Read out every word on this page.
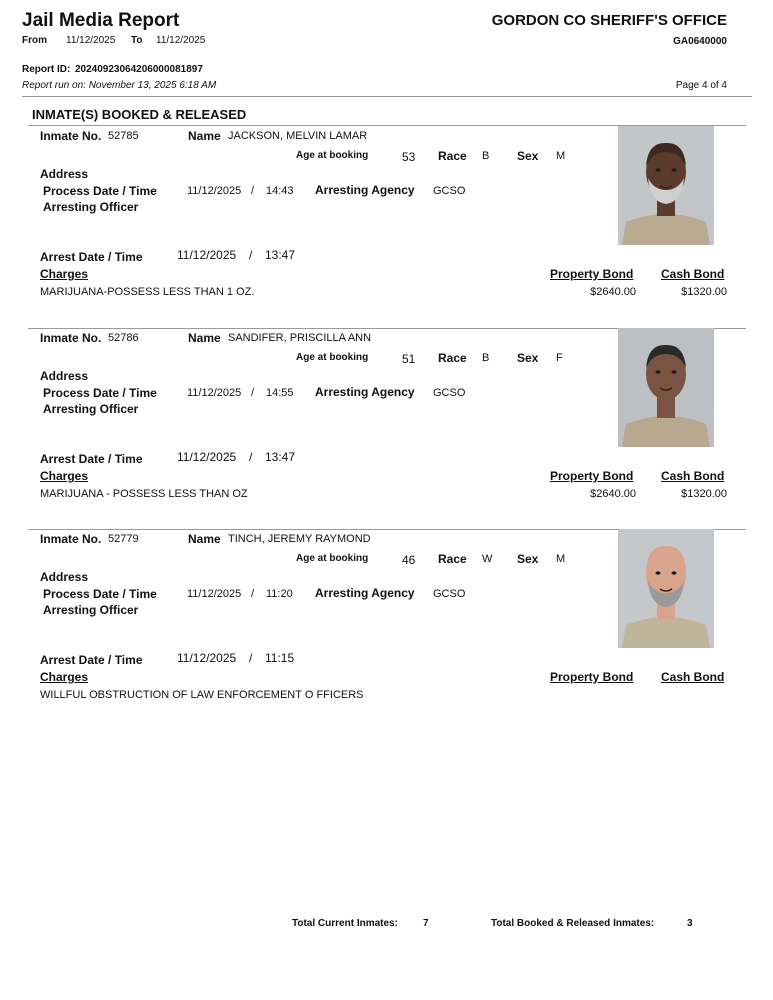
Jail Media Report	GORDON CO SHERIFF'S OFFICE
From 11/12/2025 To 11/12/2025	GA0640000
Report ID: 20240923064206000081897
Report run on: November 13, 2025 6:18 AM	Page 4 of 4
INMATE(S) BOOKED & RELEASED
Inmate No. 52785	Name JACKSON, MELVIN LAMAR
Age at booking	53 Race B Sex M
Address
Process Date / Time	11/12/2025 / 14:43 Arresting Agency GCSO
Arresting Officer
Arrest Date / Time	11/12/2025 / 13:47
Charges	Property Bond Cash Bond
MARIJUANA-POSSESS LESS THAN 1 OZ.	$2640.00	$1320.00
Inmate No. 52786	Name SANDIFER, PRISCILLA ANN
Age at booking	51 Race B Sex F
Address
Process Date / Time	11/12/2025 / 14:55 Arresting Agency GCSO
Arresting Officer
Arrest Date / Time	11/12/2025 / 13:47
Charges	Property Bond Cash Bond
MARIJUANA - POSSESS LESS THAN OZ	$2640.00	$1320.00
Inmate No. 52779	Name TINCH, JEREMY RAYMOND
Age at booking	46 Race W Sex M
Address
Process Date / Time	11/12/2025 / 11:20 Arresting Agency GCSO
Arresting Officer
Arrest Date / Time	11/12/2025 / 11:15
Charges	Property Bond Cash Bond
WILLFUL OBSTRUCTION OF LAW ENFORCEMENT O FFICERS
Total Current Inmates:	7	Total Booked & Released Inmates:	3
